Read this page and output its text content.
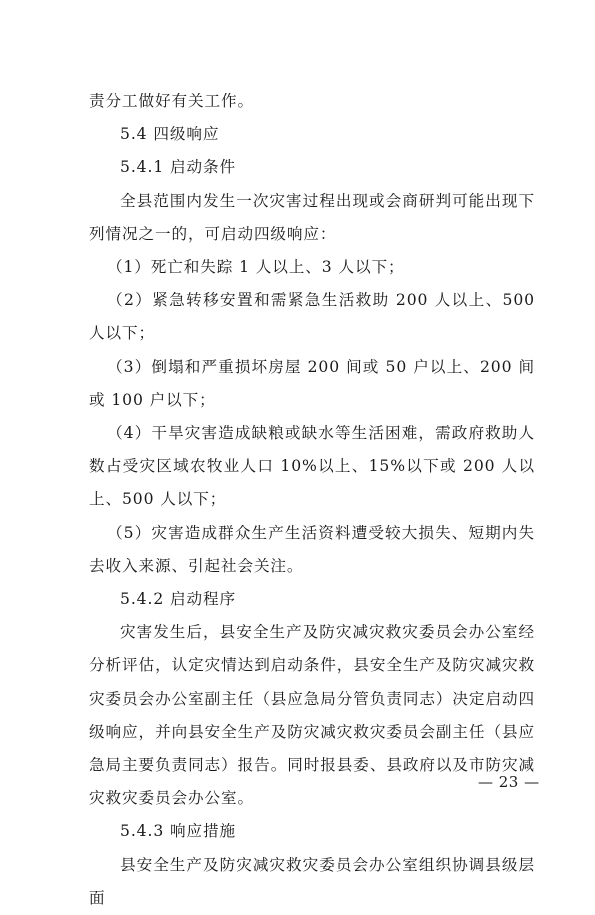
责分工做好有关工作。

5.4 四级响应

5.4.1 启动条件

全县范围内发生一次灾害过程出现或会商研判可能出现下列情况之一的，可启动四级响应：

（1）死亡和失踪 1 人以上、3 人以下；

（2）紧急转移安置和需紧急生活救助 200 人以上、500 人以下；

（3）倒塌和严重损坏房屋 200 间或 50 户以上、200 间或 100 户以下；

（4）干旱灾害造成缺粮或缺水等生活困难，需政府救助人数占受灾区域农牧业人口 10%以上、15%以下或 200 人以上、500 人以下；

（5）灾害造成群众生产生活资料遭受较大损失、短期内失去收入来源、引起社会关注。

5.4.2 启动程序

灾害发生后，县安全生产及防灾减灾救灾委员会办公室经分析评估，认定灾情达到启动条件，县安全生产及防灾减灾救灾委员会办公室副主任（县应急局分管负责同志）决定启动四级响应，并向县安全生产及防灾减灾救灾委员会副主任（县应急局主要负责同志）报告。同时报县委、县政府以及市防灾减灾救灾委员会办公室。

5.4.3 响应措施

县安全生产及防灾减灾救灾委员会办公室组织协调县级层面

— 23 —
